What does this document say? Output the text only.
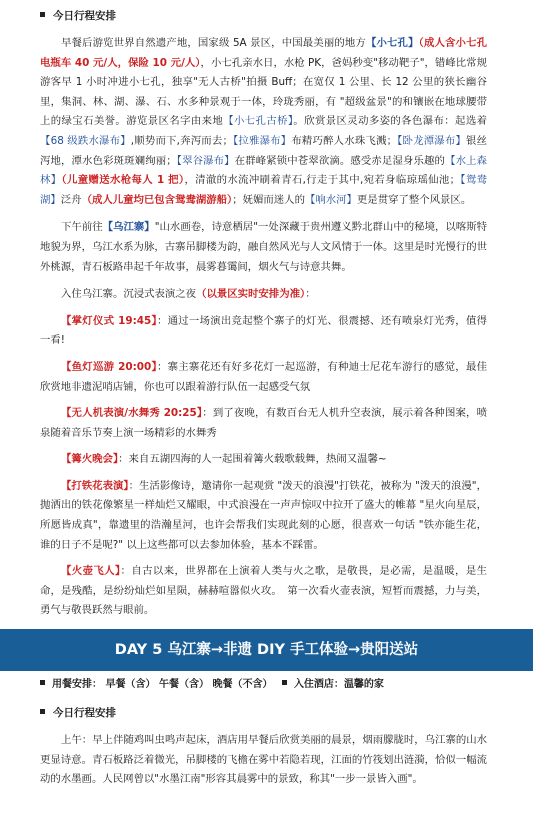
今日行程安排

早餐后游览世界自然遗产地，国家级 5A 景区，中国最美丽的地方【小七孔】（成人含小七孔电瓶车 40 元/人，保险 10 元/人），小七孔亲水日，水枪 PK，爸妈秒变"移动靶子"，错峰比常规游客早 1 小时冲进小七孔，独享"无人古桥"拍摄 Buff；在宽仅 1 公里、长 12 公里的狭长幽谷里，集洞、林、湖、瀑、石、水多种景观于一体，玲珑秀丽，有 "超级盆景"的和镶嵌在地球腰带上的绿宝石美誉。游览景区名字由来地【小七孔古桥】。欣赏景区灵动多姿的各色瀑布：起选着【68 级跌水瀑布】,顺势而下,奔泻而去；【拉雅瀑布】布精巧醉人水珠飞溅；【卧龙潭瀑布】银丝泻地，潭水色彩斑斑斓绚丽；【翠谷瀑布】在群峰紧锁中苍翠欲滴。感受赤足湿身乐趣的【水上森林】（儿童赠送水枪每人 1 把），清澈的水流冲刷着青石,行走于其中,宛若身临琼瑶仙池；【鸳鸯湖】泛舟（成人儿童均已包含鸳鸯湖游船）；妩媚而迷人的【响水河】更是贯穿了整个风景区。

下午前往【乌江寨】"山水画卷，诗意栖居"一处深藏于贵州遵义黔北群山中的秘境，以喀斯特地貌为界，乌江水系为脉，古寨吊脚楼为韵，融自然风光与人文风情于一体。这里是时光慢行的世外桃源，青石板路串起千年故事，晨雾暮霭间，烟火气与诗意共舞。

入住乌江寨。沉浸式表演之夜（以景区实时安排为准）：

【掌灯仪式 19:45】：通过一场演出竞起整个寨子的灯光、很震撼、还有喷泉灯光秀，值得一看!

【鱼灯巡游 20:00】：寨主寨花还有好多花灯一起巡游，有种迪士尼花车游行的感觉，最佳欣赏地非遗泥哨店铺，你也可以跟着游行队伍一起感受气氛

【无人机表演/水舞秀 20:25】：到了夜晚，有数百台无人机升空表演，展示着各种图案，喷泉随着音乐节奏上演一场精彩的水舞秀

【篝火晚会】：来自五湖四海的人一起围着篝火载歌载舞，热闹又温馨~

【打铁花表演】：生活影像诗，邀请你一起观赏 "泼天的浪漫"打铁花，被称为 "泼天的浪漫"，抛洒出的铁花像繁星一样灿烂又耀眼，中式浪漫在一声声惊叹中拉开了盛大的帷幕 "星火向星辰，所愿皆成真"，靠遗里的浩瀚星河，也许会帮我们实现此刻的心愿，很喜欢一句话 "铁亦能生花，谁的日子不是呢?" 以上这些都可以去参加体验，基本不踩雷。

【火壶飞人】：自古以来，世界都在上演着人类与火之歌，是敬畏，是必需，是温暖，是生命，是残酷，是纷纷灿烂如星陨，赫赫喧嚣似火攻。　第一次看火壶表演，短暂而震撼，力与美，勇气与敬畏跃然与眼前。

DAY 5 乌江寨→非遗 DIY 手工体验→贵阳送站
用餐安排： 早餐（含） 午餐（含） 晚餐（不含） 入住酒店：温馨的家
今日行程安排

上午：早上伴随鸡叫虫鸣声起床，酒店用早餐后欣赏美丽的晨景，烟雨朦胧时，乌江寨的山水更显诗意。青石板路泛着微光，吊脚楼的飞檐在雾中若隐若现，江面的竹筏划出涟漪，恰似一幅流动的水墨画。人民网曾以"水墨江南"形容其晨雾中的景致，称其"一步一景皆入画"。
